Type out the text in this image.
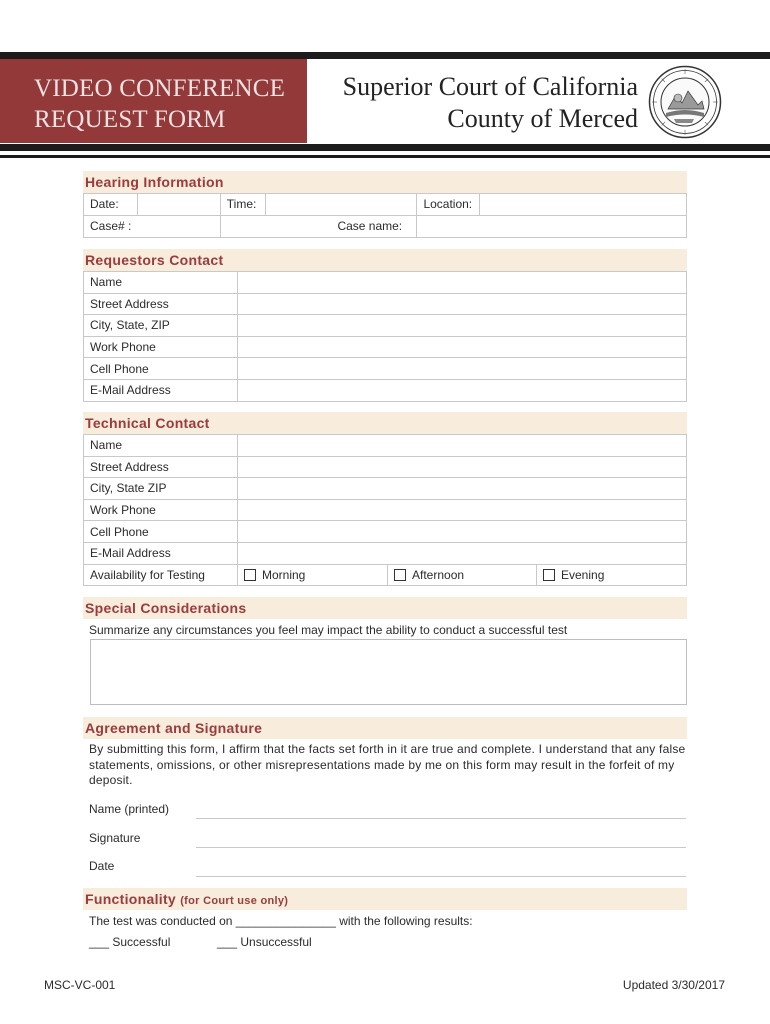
VIDEO CONFERENCE
REQUEST FORM
Superior Court of California
County of Merced
Hearing Information
Date:		Time:		Location:	
Case# :				Case name:	
Requestors Contact
Name	
Street Address	
City, State, ZIP	
Work Phone	
Cell Phone	
E-Mail Address	
Technical Contact
Name			
Street Address			
City, State ZIP			
Work Phone			
Cell Phone			
E-Mail Address			
Availability for Testing	Morning	Afternoon	Evening
Special Considerations
Summarize any circumstances you feel may impact the ability to conduct a successful test
Agreement and Signature
By submitting this form, I affirm that the facts set forth in it are true and complete. I understand that any false statements, omissions, or other misrepresentations made by me on this form may result in the forfeit of my deposit.
Name (printed)
Signature
Date
Functionality (for Court use only)
The test was conducted on _______________ with the following results:
___ Successful	___ Unsuccessful
MSC-VC-001	Updated 3/30/2017
